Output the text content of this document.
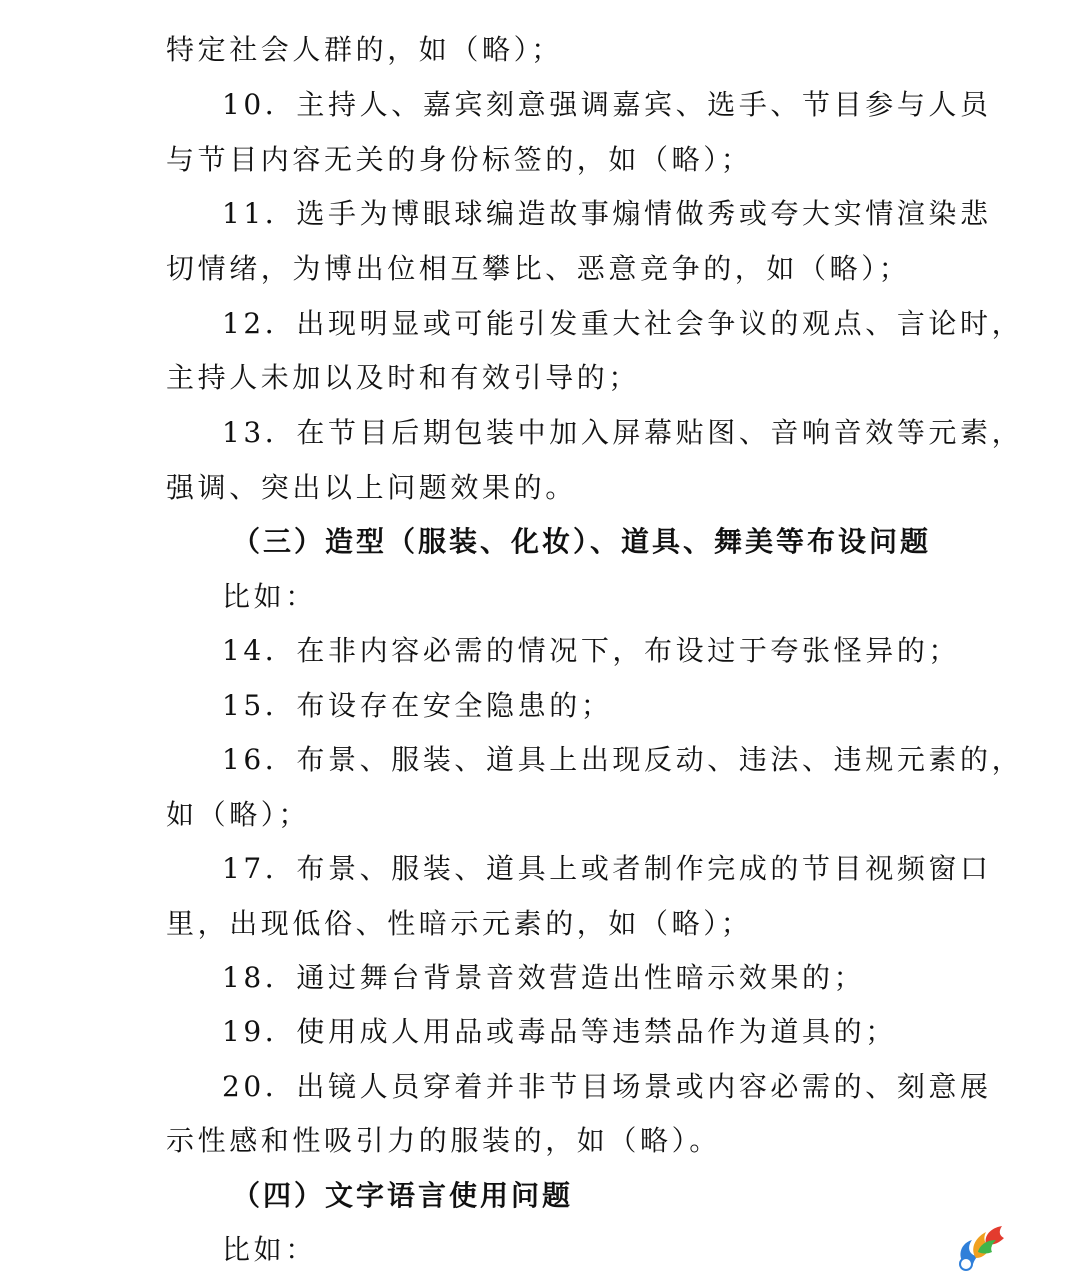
特定社会人群的，如（略）；
10．主持人、嘉宾刻意强调嘉宾、选手、节目参与人员
与节目内容无关的身份标签的，如（略）；
11．选手为博眼球编造故事煽情做秀或夸大实情渲染悲
切情绪，为博出位相互攀比、恶意竞争的，如（略）；
12．出现明显或可能引发重大社会争议的观点、言论时，
主持人未加以及时和有效引导的；
13．在节目后期包装中加入屏幕贴图、音响音效等元素，
强调、突出以上问题效果的。
（三）造型（服装、化妆）、道具、舞美等布设问题
比如：
14．在非内容必需的情况下，布设过于夸张怪异的；
15．布设存在安全隐患的；
16．布景、服装、道具上出现反动、违法、违规元素的，
如（略）；
17．布景、服装、道具上或者制作完成的节目视频窗口
里，出现低俗、性暗示元素的，如（略）；
18．通过舞台背景音效营造出性暗示效果的；
19．使用成人用品或毒品等违禁品作为道具的；
20．出镜人员穿着并非节目场景或内容必需的、刻意展
示性感和性吸引力的服装的，如（略）。
（四）文字语言使用问题
比如：
